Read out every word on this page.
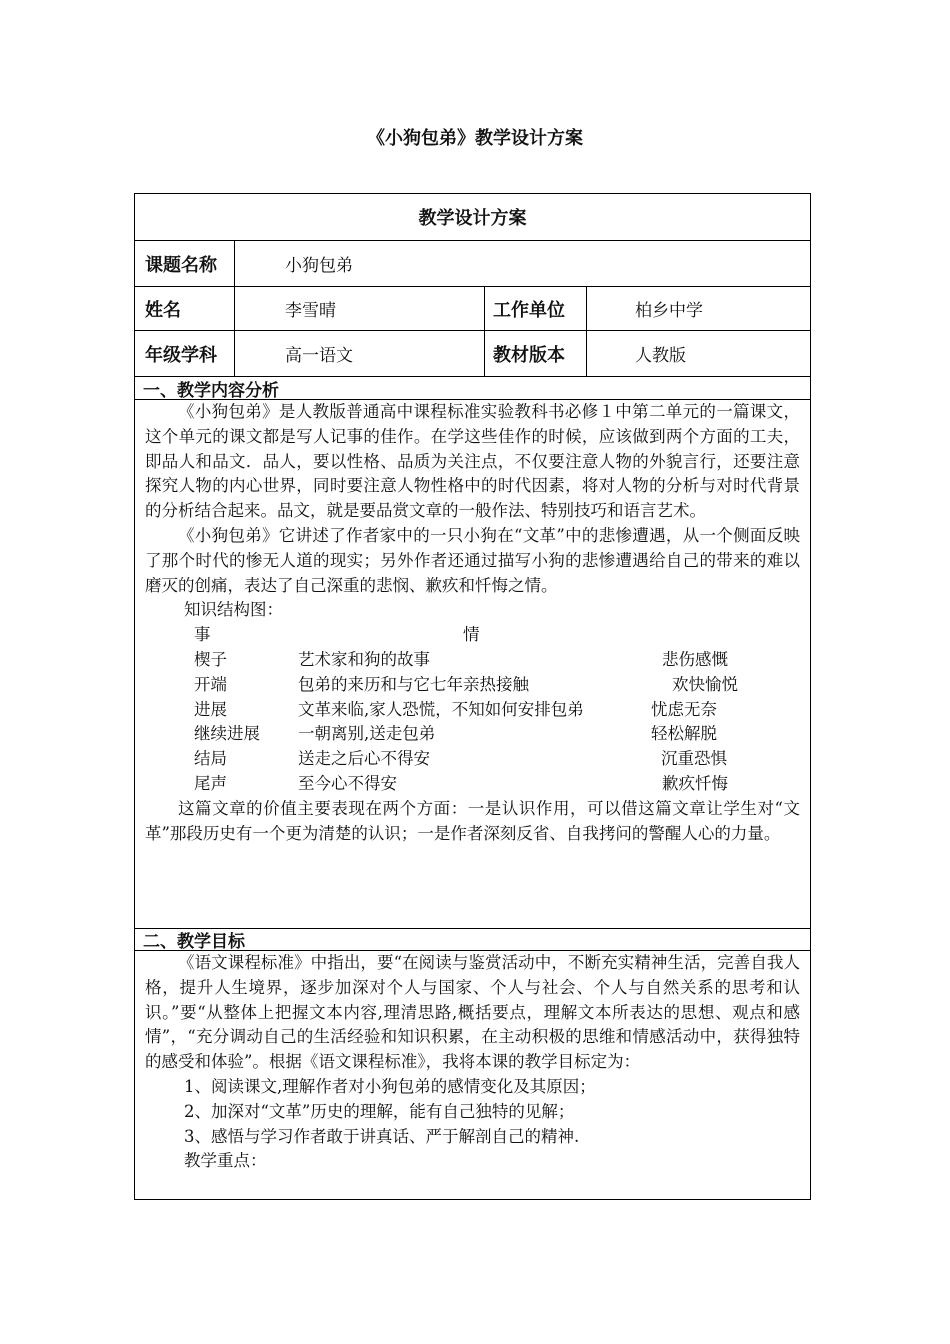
《小狗包弟》教学设计方案
教学设计方案
课题名称	小狗包弟
姓名	李雪晴	工作单位	柏乡中学
年级学科	高一语文	教材版本	人教版
一、教学内容分析

《小狗包弟》是人教版普通高中课程标准实验教科书必修１中第二单元的一篇课文，这个单元的课文都是写人记事的佳作。在学这些佳作的时候，应该做到两个方面的工夫，即品人和品文．品人，要以性格、品质为关注点，不仅要注意人物的外貌言行，还要注意探究人物的内心世界，同时要注意人物性格中的时代因素，将对人物的分析与对时代背景的分析结合起来。品文，就是要品赏文章的一般作法、特别技巧和语言艺术。

《小狗包弟》它讲述了作者家中的一只小狗在“文革”中的悲惨遭遇，从一个侧面反映了那个时代的惨无人道的现实；另外作者还通过描写小狗的悲惨遭遇给自己的带来的难以磨灭的创痛，表达了自己深重的悲悯、歉疚和忏悔之情。

知识结构图：
事	情
楔子	艺术家和狗的故事	悲伤感慨
开端	包弟的来历和与它七年亲热接触	欢快愉悦
进展	文革来临,家人恐慌，不知如何安排包弟	忧虑无奈
继续进展 一朝离别,送走包弟	轻松解脱
结局	送走之后心不得安	沉重恐惧
尾声	至今心不得安	歉疚忏悔

这篇文章的价值主要表现在两个方面：一是认识作用，可以借这篇文章让学生对“文革”那段历史有一个更为清楚的认识；一是作者深刻反省、自我拷问的警醒人心的力量。

二、教学目标

《语文课程标准》中指出，要“在阅读与鉴赏活动中，不断充实精神生活，完善自我人格，提升人生境界，逐步加深对个人与国家、个人与社会、个人与自然关系的思考和认识。”要“从整体上把握文本内容,理清思路,概括要点，理解文本所表达的思想、观点和感情”，“充分调动自己的生活经验和知识积累，在主动积极的思维和情感活动中，获得独特的感受和体验”。根据《语文课程标准》，我将本课的教学目标定为：

1、阅读课文,理解作者对小狗包弟的感情变化及其原因；
2、加深对“文革”历史的理解，能有自己独特的见解；
3、感悟与学习作者敢于讲真话、严于解剖自己的精神.
教学重点：
